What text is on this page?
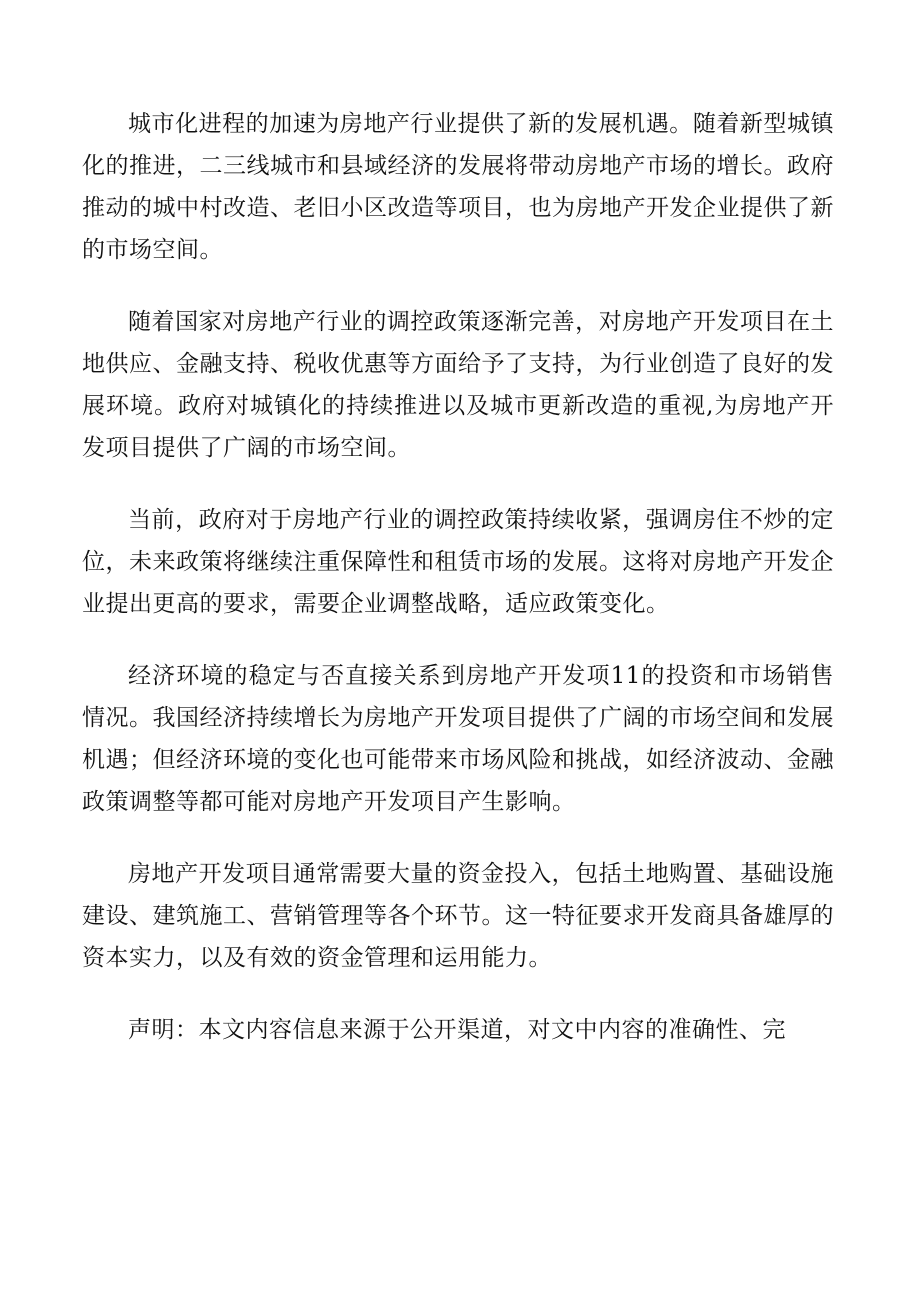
城市化进程的加速为房地产行业提供了新的发展机遇。随着新型城镇化的推进，二三线城市和县域经济的发展将带动房地产市场的增长。政府推动的城中村改造、老旧小区改造等项目，也为房地产开发企业提供了新的市场空间。

随着国家对房地产行业的调控政策逐渐完善，对房地产开发项目在土地供应、金融支持、税收优惠等方面给予了支持，为行业创造了良好的发展环境。政府对城镇化的持续推进以及城市更新改造的重视,为房地产开发项目提供了广阔的市场空间。

当前，政府对于房地产行业的调控政策持续收紧，强调房住不炒的定位，未来政策将继续注重保障性和租赁市场的发展。这将对房地产开发企业提出更高的要求，需要企业调整战略，适应政策变化。

经济环境的稳定与否直接关系到房地产开发项11的投资和市场销售情况。我国经济持续增长为房地产开发项目提供了广阔的市场空间和发展机遇；但经济环境的变化也可能带来市场风险和挑战，如经济波动、金融政策调整等都可能对房地产开发项目产生影响。

房地产开发项目通常需要大量的资金投入，包括土地购置、基础设施建设、建筑施工、营销管理等各个环节。这一特征要求开发商具备雄厚的资本实力，以及有效的资金管理和运用能力。

声明：本文内容信息来源于公开渠道，对文中内容的准确性、完
